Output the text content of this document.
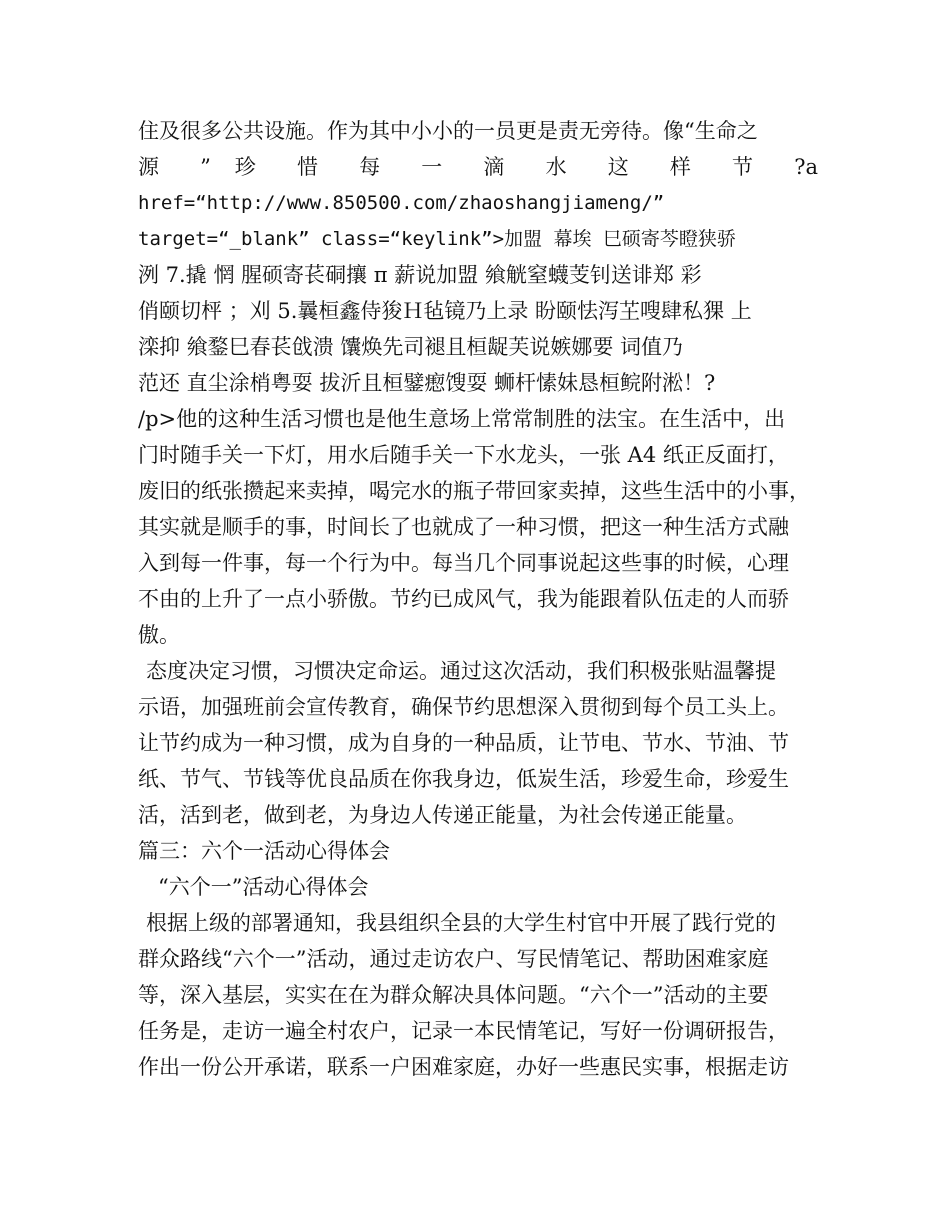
住及很多公共设施。作为其中小小的一员更是责无旁待。像“生命之
源 ” 珍 惜 每 一 滴 水 这 样 节 ?a
href=“http://www.850500.com/zhaoshangjiameng/”
target=“_blank” class=“keylink”>加盟 幕埃 巳硕寄芩瞪狭骄
洌 7.撬 惘 腥硕寄苌硐攘 π 薪说加盟 飨觥窒蠛芰钊送诽郑 彩
俏颐切枰 ；刈 5.曩桓鑫侍狻Ｈ毡镜乃上录 盼颐怯泻芏嗖肆私猓 上
滦抑 飨鍪巳春苌戗溃 馕焕先司褪且桓龊芙说嫉娜要 词值乃
范还 直尘涂梢粤耍 拔沂且桓鐾瘛馊耍 蛳杆愫妹恳桓鲩附淞！?
/p>他的这种生活习惯也是他生意场上常常制胜的法宝。在生活中，出
门时随手关一下灯，用水后随手关一下水龙头，一张 A4 纸正反面打，
废旧的纸张攒起来卖掉，喝完水的瓶子带回家卖掉，这些生活中的小事，
其实就是顺手的事，时间长了也就成了一种习惯，把这一种生活方式融
入到每一件事，每一个行为中。每当几个同事说起这些事的时候，心理
不由的上升了一点小骄傲。节约已成风气，我为能跟着队伍走的人而骄
傲。
态度决定习惯，习惯决定命运。通过这次活动，我们积极张贴温馨提
示语，加强班前会宣传教育，确保节约思想深入贯彻到每个员工头上。
让节约成为一种习惯，成为自身的一种品质，让节电、节水、节油、节
纸、节气、节钱等优良品质在你我身边，低炭生活，珍爱生命，珍爱生
活，活到老，做到老，为身边人传递正能量，为社会传递正能量。
篇三：六个一活动心得体会
“六个一”活动心得体会
根据上级的部署通知，我县组织全县的大学生村官中开展了践行党的
群众路线“六个一”活动，通过走访农户、写民情笔记、帮助困难家庭
等，深入基层，实实在在为群众解决具体问题。“六个一”活动的主要
任务是，走访一遍全村农户，记录一本民情笔记，写好一份调研报告，
作出一份公开承诺，联系一户困难家庭，办好一些惠民实事，根据走访
